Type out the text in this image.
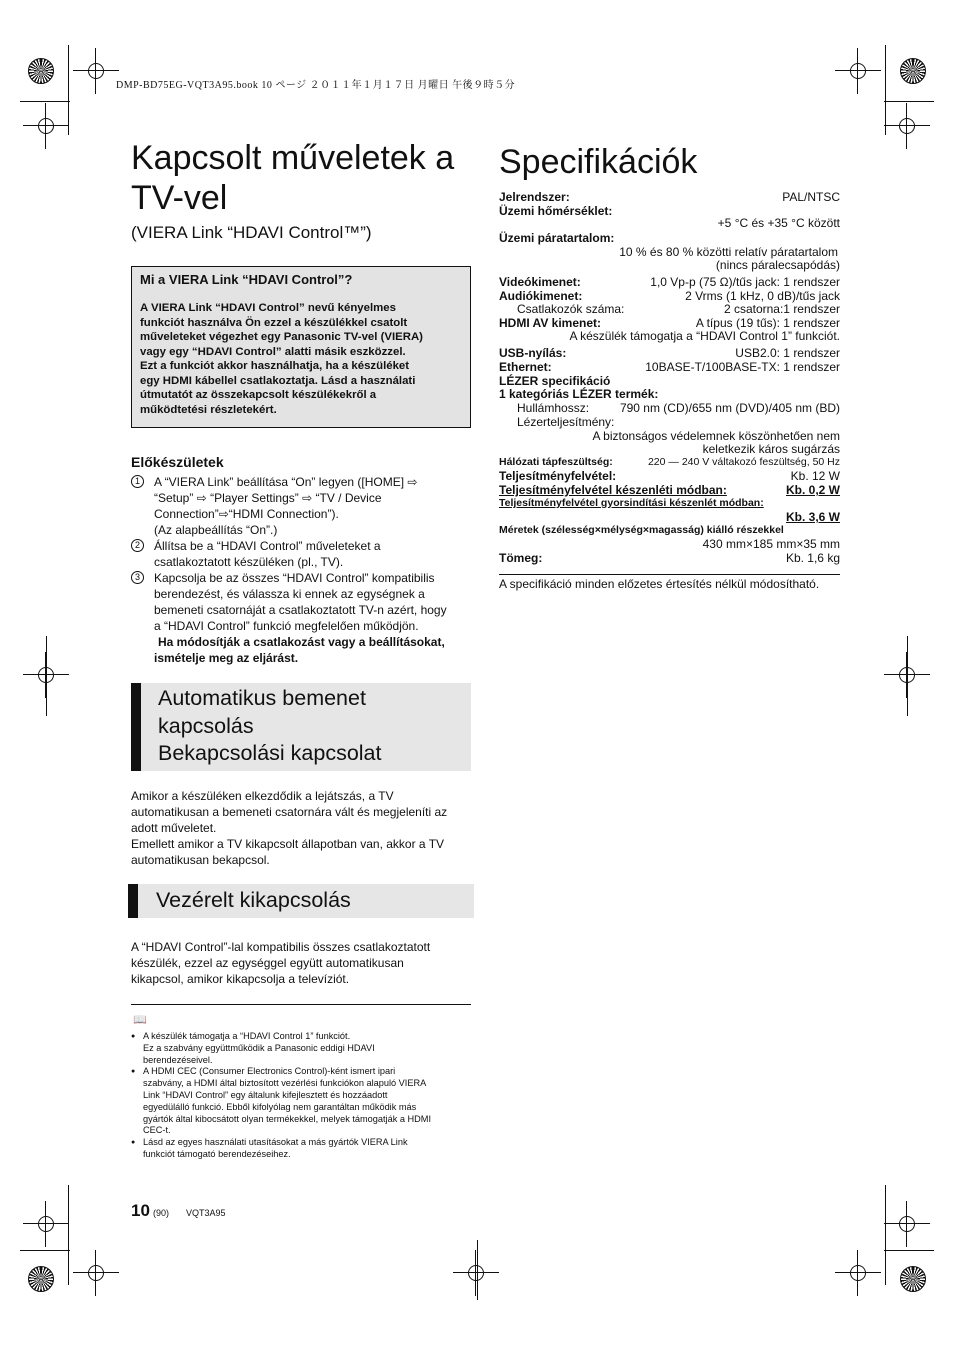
DMP-BD75EG-VQT3A95.book 10 ページ ２０１１年１月１７日 月曜日 午後９時５分
Kapcsolt műveletek a
TV-vel
(VIERA Link “HDAVI Control™”)
Mi a VIERA Link “HDAVI Control”?
A VIERA Link “HDAVI Control” nevű kényelmes
funkciót használva Ön ezzel a készülékkel csatolt
műveleteket végezhet egy Panasonic TV-vel (VIERA)
vagy egy “HDAVI Control” alatti másik eszközzel.
Ezt a funkciót akkor használhatja, ha a készüléket
egy HDMI kábellel csatlakoztatja. Lásd a használati
útmutatót az összekapcsolt készülékekről a
működtetési részletekért.
Előkészületek
1	A “VIERA Link” beállítása “On” legyen ([HOME] ⇨
“Setup” ⇨ “Player Settings” ⇨ “TV / Device
Connection”⇨“HDMI Connection”).
(Az alapbeállítás “On”.)
2	Állítsa be a “HDAVI Control” műveleteket a
csatlakoztatott készüléken (pl., TV).
3	Kapcsolja be az összes “HDAVI Control” kompatibilis
berendezést, és válassza ki ennek az egységnek a
bemeneti csatornáját a csatlakoztatott TV-n azért, hogy
a “HDAVI Control” funkció megfelelően működjön.
Ha módosítják a csatlakozást vagy a beállításokat,
ismételje meg az eljárást.
Automatikus bemenet
kapcsolás
Bekapcsolási kapcsolat
Amikor a készüléken elkezdődik a lejátszás, a TV
automatikusan a bemeneti csatornára vált és megjeleníti az
adott műveletet.
Emellett amikor a TV kikapcsolt állapotban van, akkor a TV
automatikusan bekapcsol.
Vezérelt kikapcsolás
A “HDAVI Control”-lal kompatibilis összes csatlakoztatott
készülék, ezzel az egységgel együtt automatikusan
kikapcsol, amikor kikapcsolja a televíziót.
📖
● A készülék támogatja a “HDAVI Control 1” funkciót.
Ez a szabvány együttműködik a Panasonic eddigi HDAVI
berendezéseivel.
● A HDMI CEC (Consumer Electronics Control)-ként ismert ipari
szabvány, a HDMI által biztosított vezérlési funkciókon alapuló VIERA
Link “HDAVI Control” egy általunk kifejlesztett és hozzáadott
egyedülálló funkció. Ebből kifolyólag nem garantáltan működik más
gyártók által kibocsátott olyan termékekkel, melyek támogatják a HDMI
CEC-t.
● Lásd az egyes használati utasításokat a más gyártók VIERA Link
funkciót támogató berendezéseihez.
10 (90) VQT3A95
Specifikációk
Jelrendszer:	PAL/NTSC
Üzemi hőmérséklet:
+5 °C és +35 °C között
Üzemi páratartalom:
10 % és 80 % közötti relatív páratartalom
(nincs páralecsapódás)
Videókimenet:	1,0 Vp-p (75 Ω)/tűs jack: 1 rendszer
Audiókimenet:	2 Vrms (1 kHz, 0 dB)/tűs jack
Csatlakozók száma:	2 csatorna:1 rendszer
HDMI AV kimenet:	A típus (19 tűs): 1 rendszer
A készülék támogatja a “HDAVI Control 1” funkciót.
USB-nyílás:	USB2.0: 1 rendszer
Ethernet:	10BASE-T/100BASE-TX: 1 rendszer
LÉZER specifikáció
1 kategóriás LÉZER termék:
Hullámhossz:	790 nm (CD)/655 nm (DVD)/405 nm (BD)
Lézerteljesítmény:
A biztonságos védelemnek köszönhetően nem
keletkezik káros sugárzás
Hálózati tápfeszültség:	220 — 240 V váltakozó feszültség, 50 Hz
Teljesítményfelvétel:	Kb. 12 W
Teljesítményfelvétel készenléti módban:	Kb. 0,2 W
Teljesítményfelvétel gyorsindítási készenlét módban:
Kb. 3,6 W
Méretek (szélesség×mélység×magasság) kiálló részekkel
430 mm×185 mm×35 mm
Tömeg:	Kb. 1,6 kg
A specifikáció minden előzetes értesítés nélkül módosítható.
